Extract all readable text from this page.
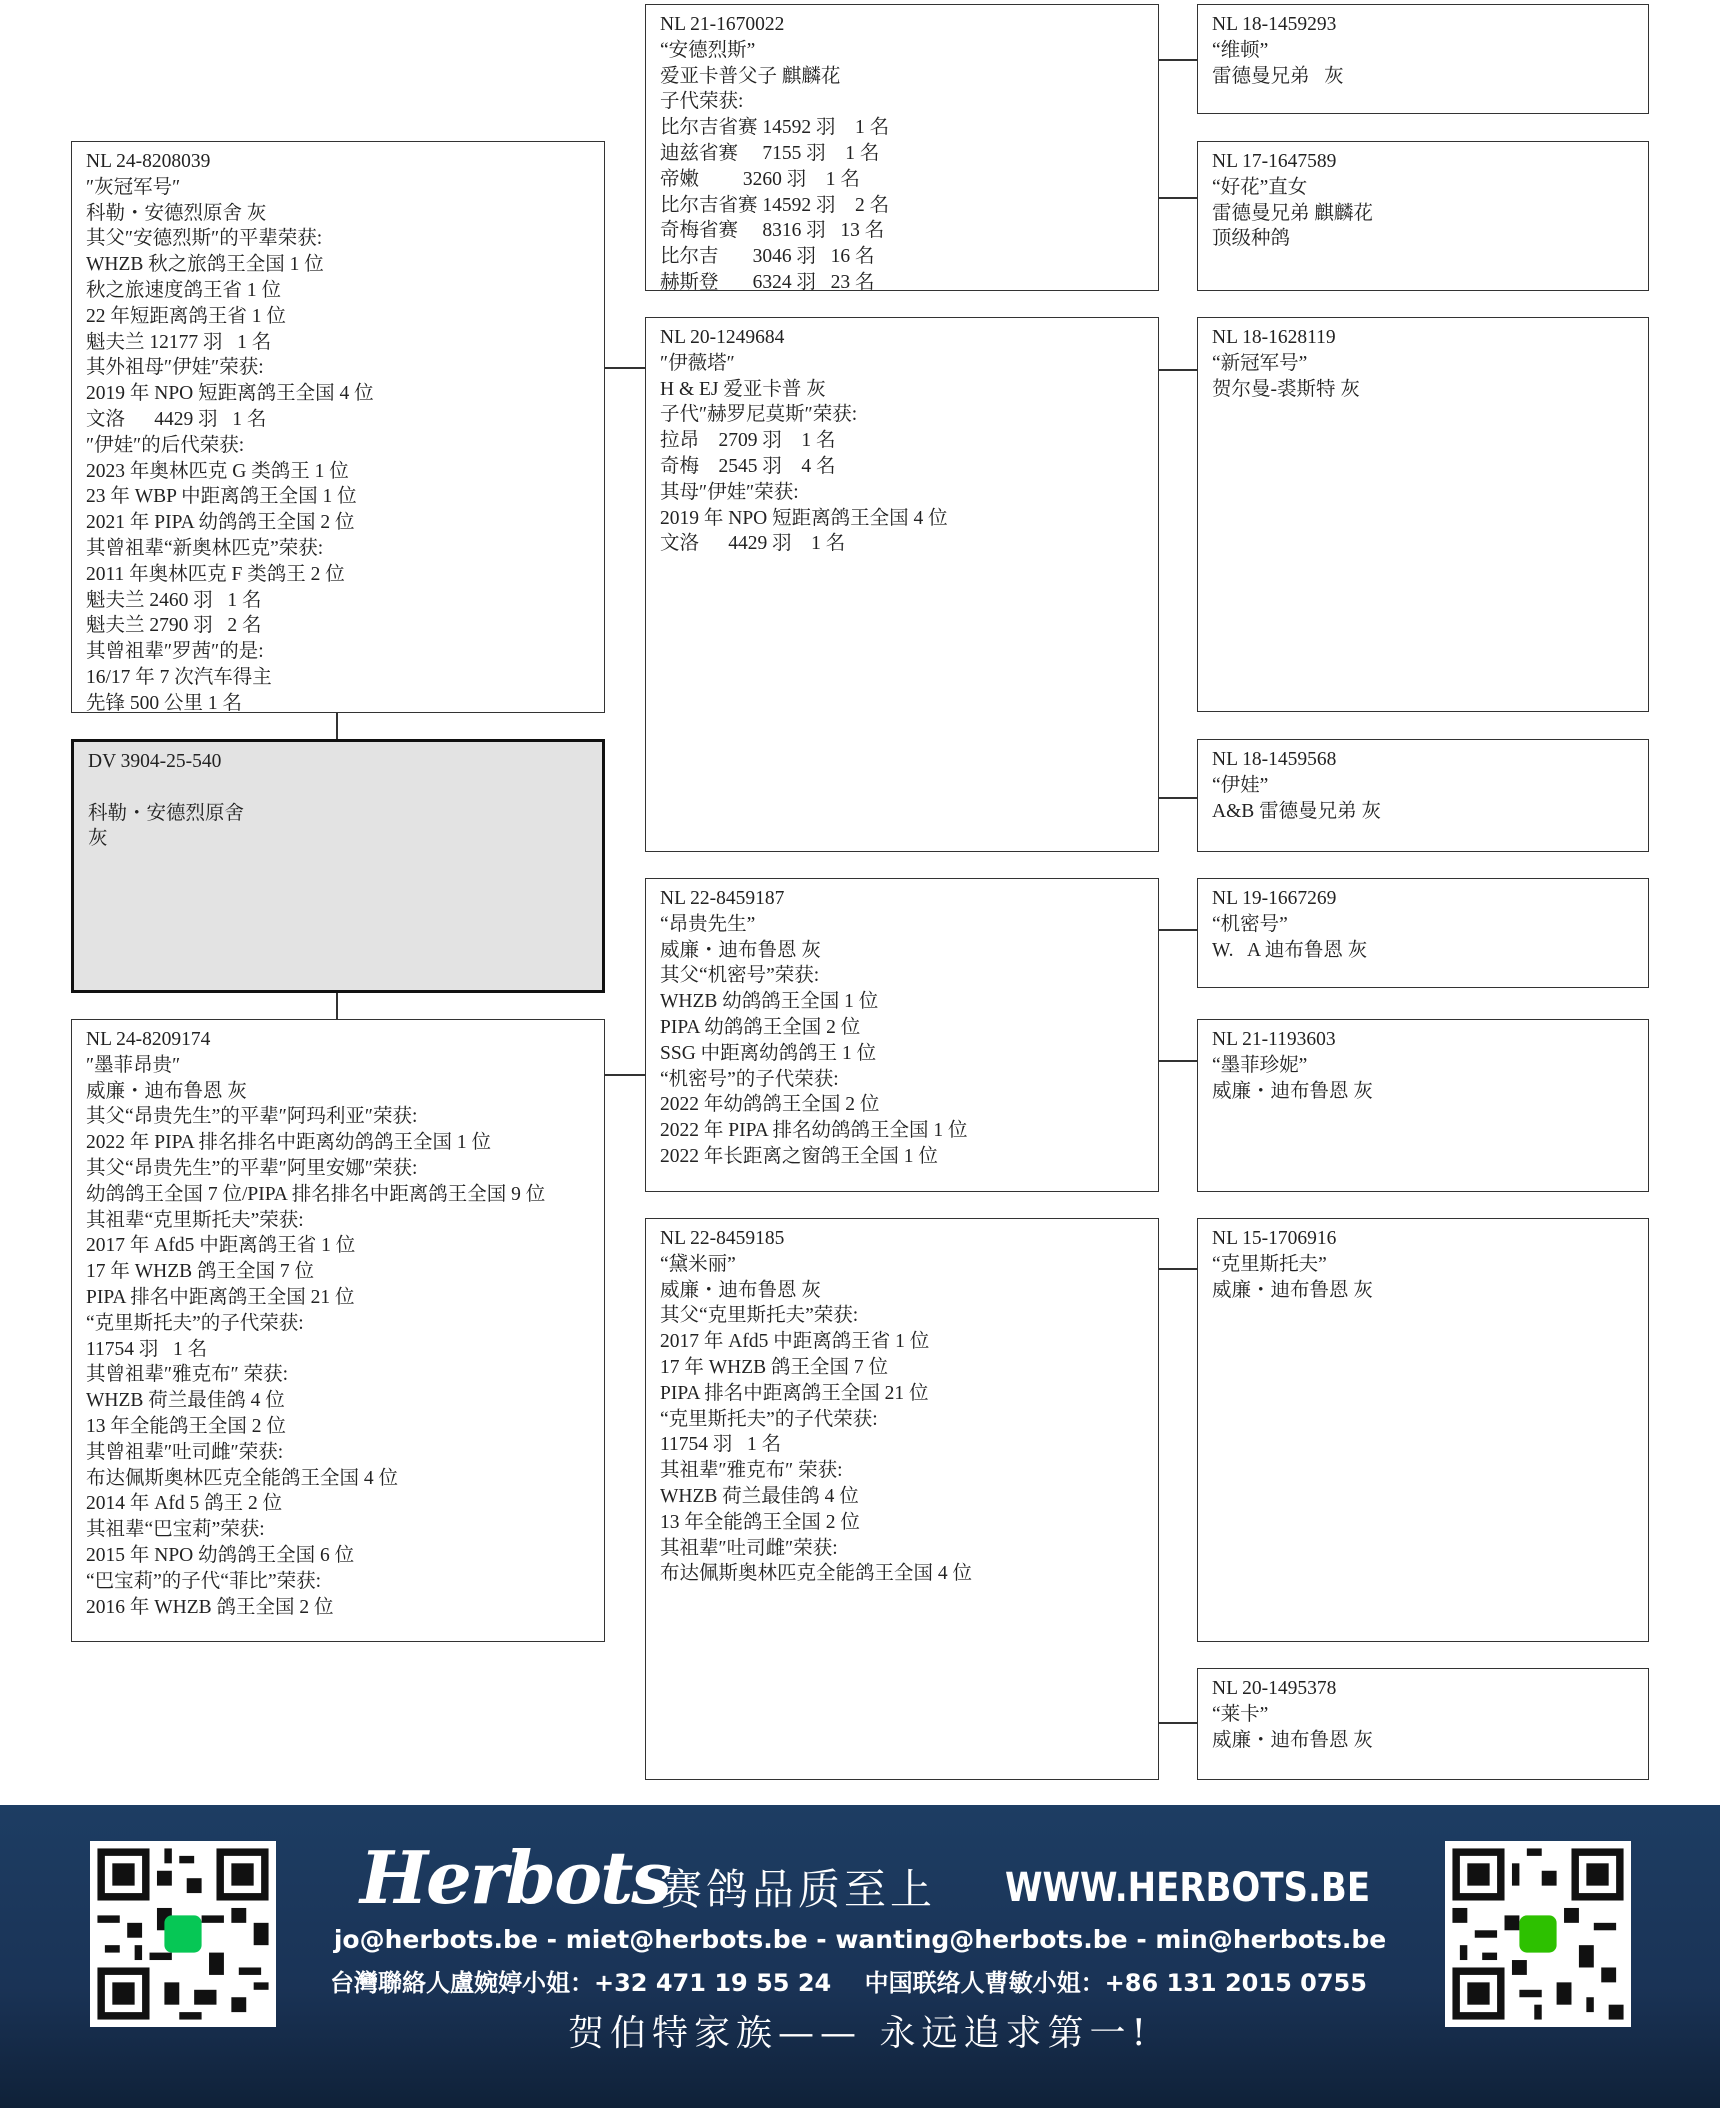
NL 24-8208039
″灰冠军号″
科勒・安德烈原舍 灰
其父″安德烈斯″的平辈荣获:
WHZB 秋之旅鸽王全国 1 位
秋之旅速度鸽王省 1 位
22 年短距离鸽王省 1 位
魁夫兰 12177 羽   1 名
其外祖母″伊娃″荣获:
2019 年 NPO 短距离鸽王全国 4 位
文洛      4429 羽   1 名
″伊娃″的后代荣获:
2023 年奥林匹克 G 类鸽王 1 位
23 年 WBP 中距离鸽王全国 1 位
2021 年 PIPA 幼鸽鸽王全国 2 位
其曾祖辈“新奥林匹克”荣获:
2011 年奥林匹克 F 类鸽王 2 位
魁夫兰 2460 羽   1 名
魁夫兰 2790 羽   2 名
其曾祖辈″罗茜″的是:
16/17 年 7 次汽车得主
先锋 500 公里 1 名
DV 3904-25-540

科勒・安德烈原舍
灰
NL 24-8209174
″墨菲昂贵″
威廉・迪布鲁恩 灰
其父“昂贵先生”的平辈″阿玛利亚″荣获:
2022 年 PIPA 排名排名中距离幼鸽鸽王全国 1 位
其父“昂贵先生”的平辈″阿里安娜″荣获:
幼鸽鸽王全国 7 位/PIPA 排名排名中距离鸽王全国 9 位
其祖辈“克里斯托夫”荣获:
2017 年 Afd5 中距离鸽王省 1 位
17 年 WHZB 鸽王全国 7 位
PIPA 排名中距离鸽王全国 21 位
“克里斯托夫”的子代荣获:
11754 羽   1 名
其曾祖辈″雅克布″ 荣获:
WHZB 荷兰最佳鸽 4 位
13 年全能鸽王全国 2 位
其曾祖辈″吐司雌″荣获:
布达佩斯奥林匹克全能鸽王全国 4 位
2014 年 Afd 5 鸽王 2 位
其祖辈“巴宝莉”荣获:
2015 年 NPO 幼鸽鸽王全国 6 位
“巴宝莉”的子代“菲比”荣获:
2016 年 WHZB 鸽王全国 2 位
NL 21-1670022
“安德烈斯”
爱亚卡普父子 麒麟花
子代荣获:
比尔吉省赛 14592 羽    1 名
迪兹省赛     7155 羽    1 名
帝嫩         3260 羽    1 名
比尔吉省赛 14592 羽    2 名
奇梅省赛     8316 羽   13 名
比尔吉       3046 羽   16 名
赫斯登       6324 羽   23 名
NL 20-1249684
″伊薇塔″
H & EJ 爱亚卡普 灰
子代″赫罗尼莫斯″荣获:
拉昂    2709 羽    1 名
奇梅    2545 羽    4 名
其母″伊娃″荣获:
2019 年 NPO 短距离鸽王全国 4 位
文洛      4429 羽    1 名
NL 22-8459187
“昂贵先生”
威廉・迪布鲁恩 灰
其父“机密号”荣获:
WHZB 幼鸽鸽王全国 1 位
PIPA 幼鸽鸽王全国 2 位
SSG 中距离幼鸽鸽王 1 位
“机密号”的子代荣获:
2022 年幼鸽鸽王全国 2 位
2022 年 PIPA 排名幼鸽鸽王全国 1 位
2022 年长距离之窗鸽王全国 1 位
NL 22-8459185
“黛米丽”
威廉・迪布鲁恩 灰
其父“克里斯托夫”荣获:
2017 年 Afd5 中距离鸽王省 1 位
17 年 WHZB 鸽王全国 7 位
PIPA 排名中距离鸽王全国 21 位
“克里斯托夫”的子代荣获:
11754 羽   1 名
其祖辈″雅克布″ 荣获:
WHZB 荷兰最佳鸽 4 位
13 年全能鸽王全国 2 位
其祖辈″吐司雌″荣获:
布达佩斯奥林匹克全能鸽王全国 4 位
NL 18-1459293
“维顿”
雷德曼兄弟   灰
NL 17-1647589
“好花”直女
雷德曼兄弟 麒麟花
顶级种鸽
NL 18-1628119
“新冠军号”
贺尔曼-裘斯特 灰
NL 18-1459568
“伊娃”
A&B 雷德曼兄弟 灰
NL 19-1667269
“机密号”
W.   A 迪布鲁恩 灰
NL 21-1193603
“墨菲珍妮”
威廉・迪布鲁恩 灰
NL 15-1706916
“克里斯托夫”
威廉・迪布鲁恩 灰
NL 20-1495378
“莱卡”
威廉・迪布鲁恩 灰
Herbots
赛鸽品质至上 WWW.HERBOTS.BE
jo@herbots.be - miet@herbots.be - wanting@herbots.be - min@herbots.be
台灣聯絡人盧婉婷小姐：+32 471 19 55 24 中国联络人曹敏小姐：+86 131 2015 0755
贺伯特家族—— 永远追求第一!
